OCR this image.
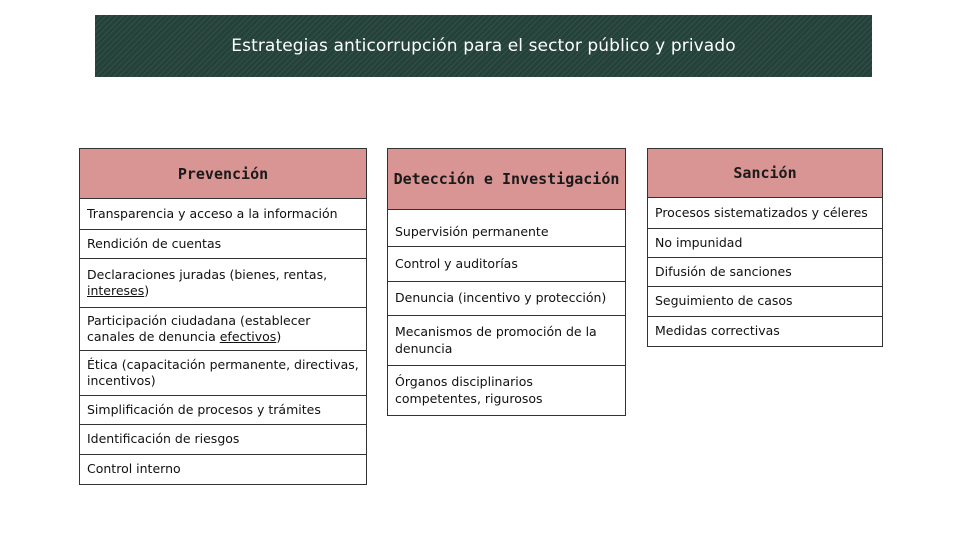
Estrategias anticorrupción para el sector público y privado
Prevención
Transparencia y acceso a la información
Rendición de cuentas
Declaraciones juradas (bienes, rentas, intereses)
Participación ciudadana (establecer canales de denuncia efectivos)
Ética (capacitación permanente, directivas, incentivos)
Simplificación de procesos y trámites
Identificación de riesgos
Control interno
Detección e Investigación
Supervisión permanente
Control y auditorías
Denuncia (incentivo y protección)
Mecanismos de promoción de la denuncia
Órganos disciplinarios competentes, rigurosos
Sanción
Procesos sistematizados y céleres
No impunidad
Difusión de sanciones
Seguimiento de casos
Medidas correctivas
